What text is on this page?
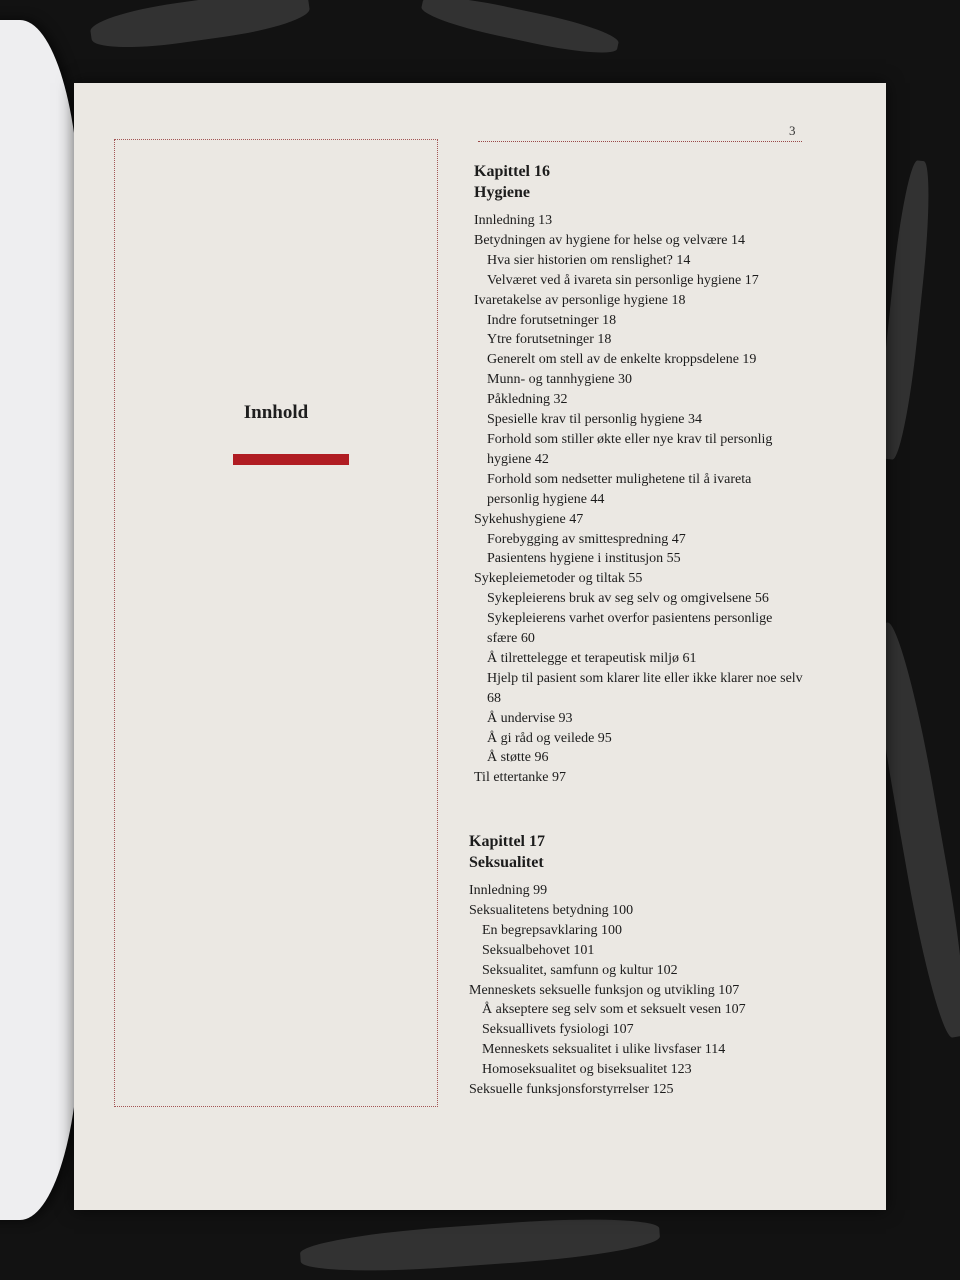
3
Innhold
Kapittel 16
Hygiene
Innledning 13
Betydningen av hygiene for helse og velvære 14
Hva sier historien om renslighet? 14
Velværet ved å ivareta sin personlige hygiene 17
Ivaretakelse av personlige hygiene 18
Indre forutsetninger 18
Ytre forutsetninger 18
Generelt om stell av de enkelte kroppsdelene 19
Munn- og tannhygiene 30
Påkledning 32
Spesielle krav til personlig hygiene 34
Forhold som stiller økte eller nye krav til personlig hygiene 42
Forhold som nedsetter mulighetene til å ivareta personlig hygiene 44
Sykehushygiene 47
Forebygging av smittespredning 47
Pasientens hygiene i institusjon 55
Sykepleiemetoder og tiltak 55
Sykepleierens bruk av seg selv og omgivelsene 56
Sykepleierens varhet overfor pasientens personlige sfære 60
Å tilrettelegge et terapeutisk miljø 61
Hjelp til pasient som klarer lite eller ikke klarer noe selv 68
Å undervise 93
Å gi råd og veilede 95
Å støtte 96
Til ettertanke 97
Kapittel 17
Seksualitet
Innledning 99
Seksualitetens betydning 100
En begrepsavklaring 100
Seksualbehovet 101
Seksualitet, samfunn og kultur 102
Menneskets seksuelle funksjon og utvikling 107
Å akseptere seg selv som et seksuelt vesen 107
Seksuallivets fysiologi 107
Menneskets seksualitet i ulike livsfaser 114
Homoseksualitet og biseksualitet 123
Seksuelle funksjonsforstyrrelser 125
